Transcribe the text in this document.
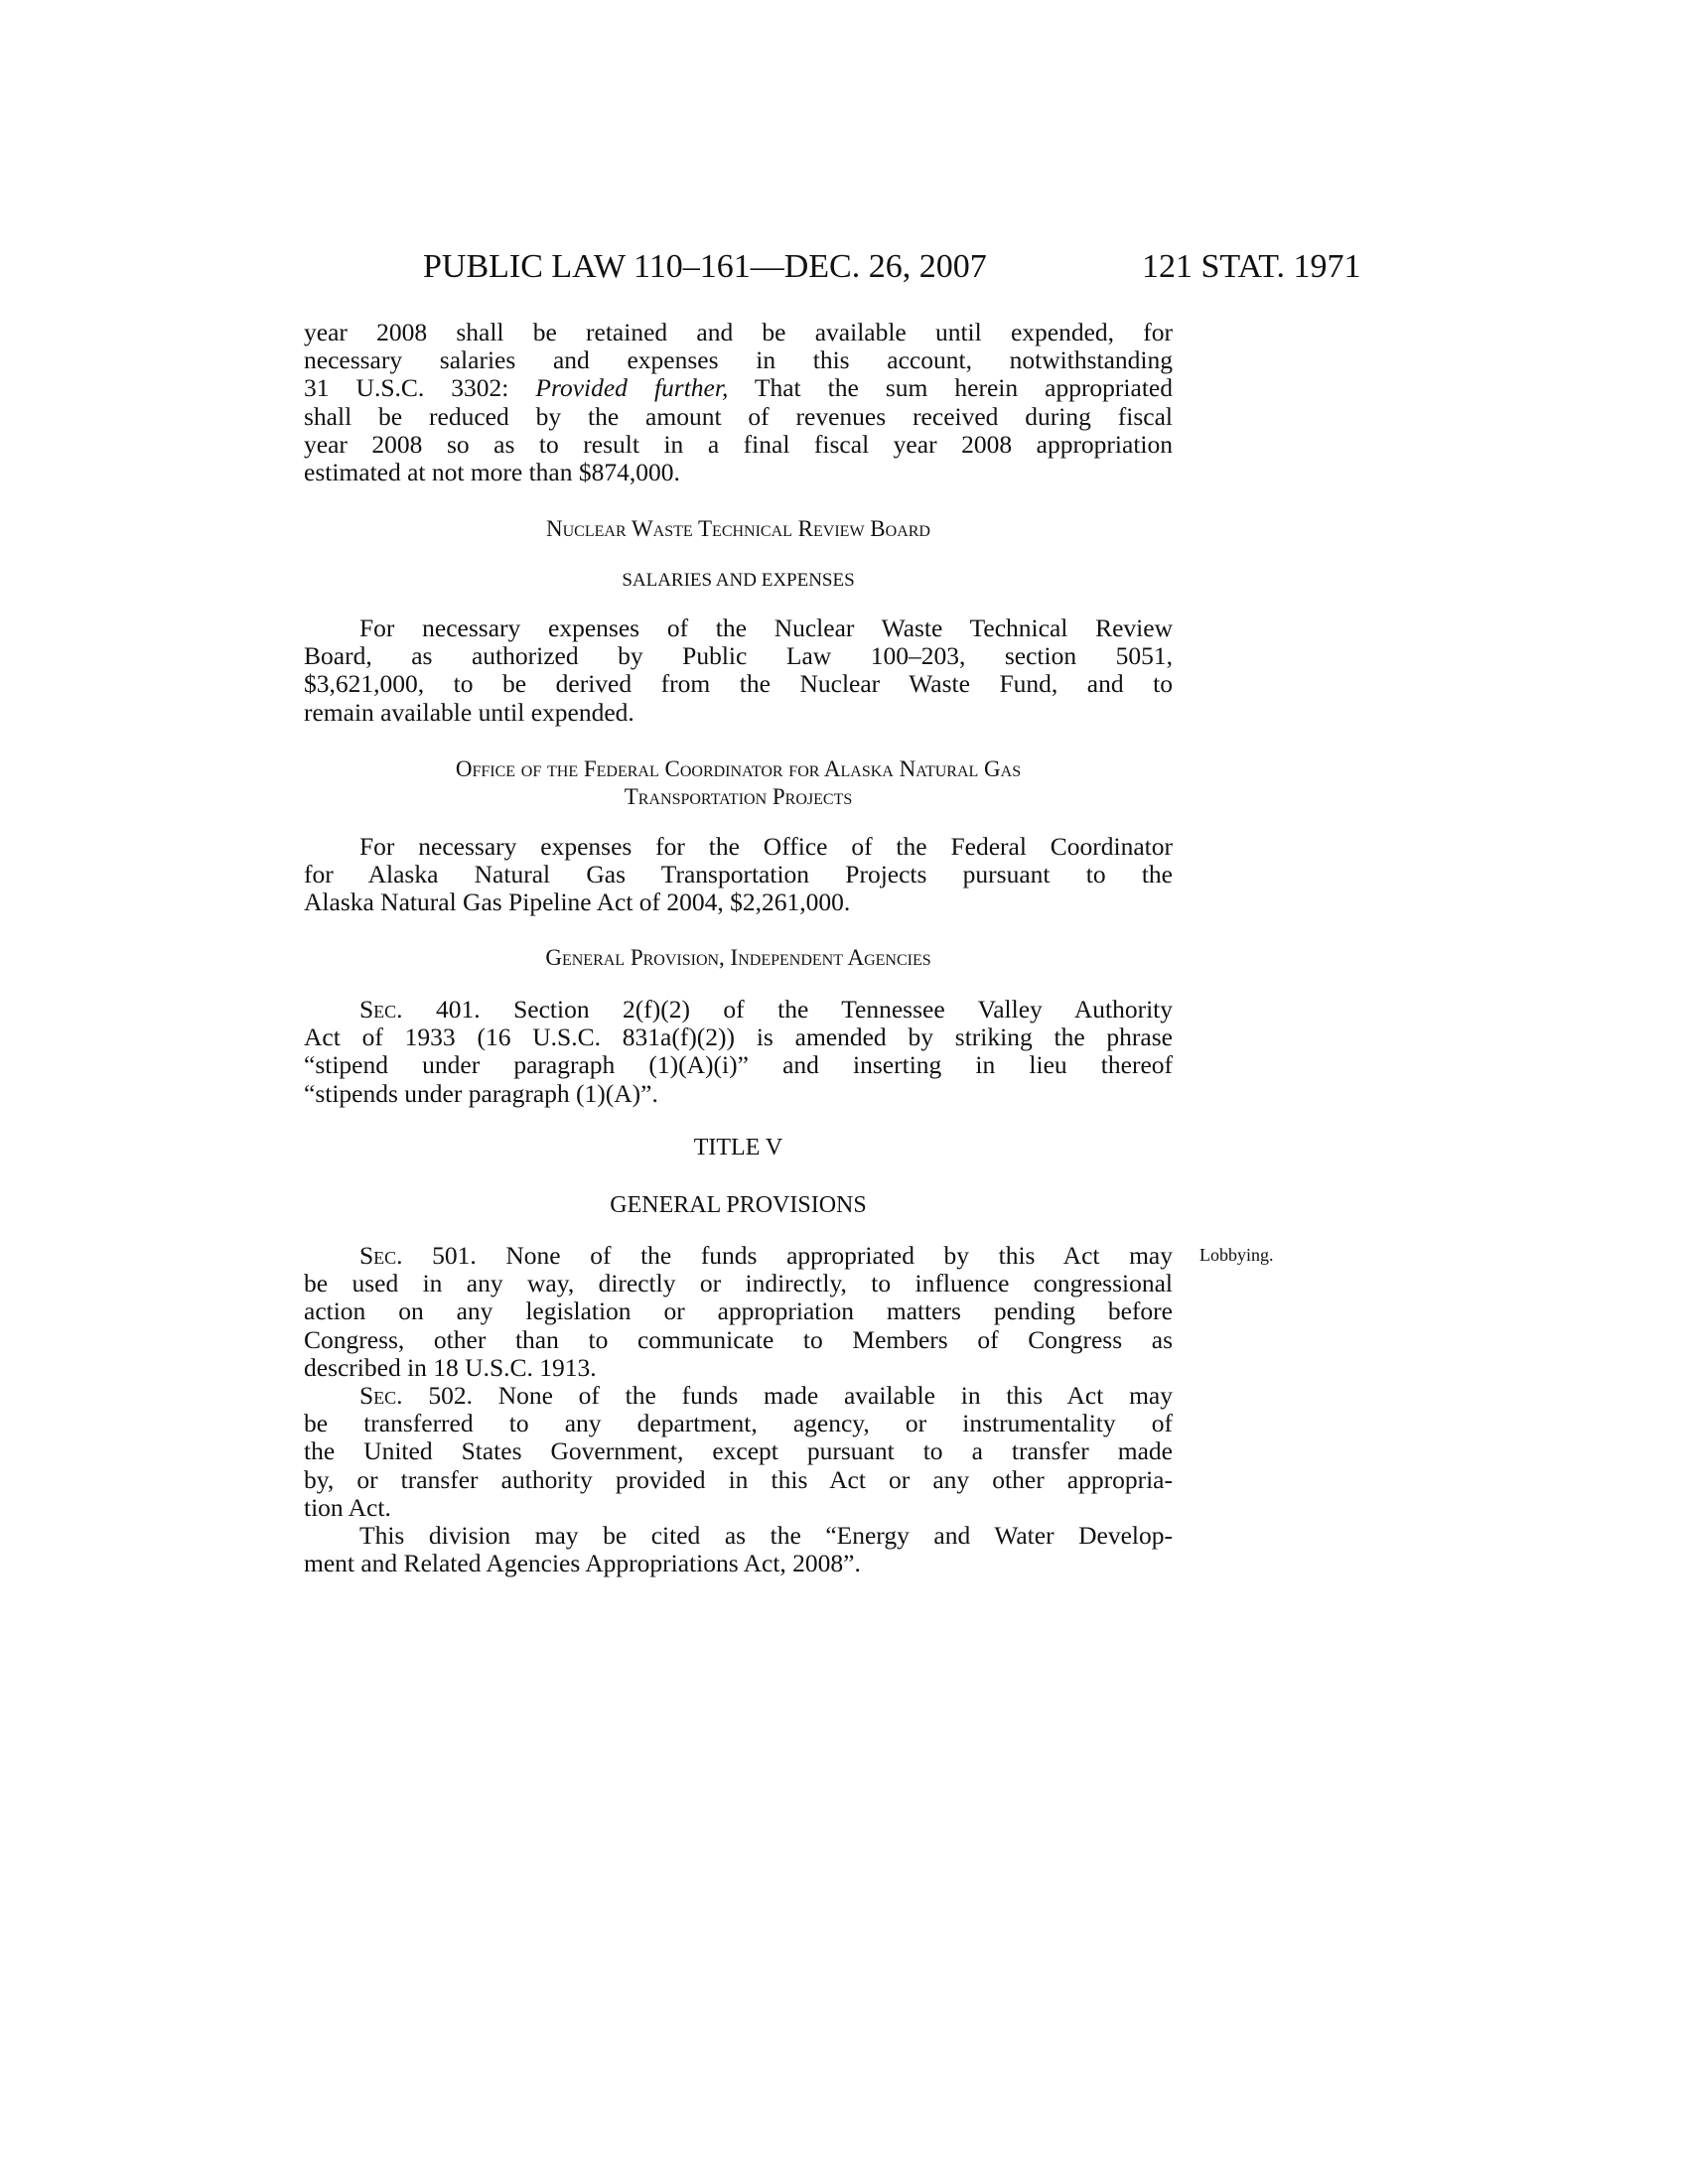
PUBLIC LAW 110–161—DEC. 26, 2007	121 STAT. 1971
year 2008 shall be retained and be available until expended, for
necessary salaries and expenses in this account, notwithstanding
31 U.S.C. 3302: Provided further, That the sum herein appropriated
shall be reduced by the amount of revenues received during fiscal
year 2008 so as to result in a final fiscal year 2008 appropriation
estimated at not more than $874,000.
Nuclear Waste Technical Review Board
SALARIES AND EXPENSES
For necessary expenses of the Nuclear Waste Technical Review
Board, as authorized by Public Law 100–203, section 5051,
$3,621,000, to be derived from the Nuclear Waste Fund, and to
remain available until expended.
Office of the Federal Coordinator for Alaska Natural Gas
Transportation Projects
For necessary expenses for the Office of the Federal Coordinator
for Alaska Natural Gas Transportation Projects pursuant to the
Alaska Natural Gas Pipeline Act of 2004, $2,261,000.
General Provision, Independent Agencies
Sec. 401. Section 2(f)(2) of the Tennessee Valley Authority
Act of 1933 (16 U.S.C. 831a(f)(2)) is amended by striking the phrase
“stipend under paragraph (1)(A)(i)” and inserting in lieu thereof
“stipends under paragraph (1)(A)”.
TITLE V
GENERAL PROVISIONS
Sec. 501. None of the funds appropriated by this Act may
be used in any way, directly or indirectly, to influence congressional
action on any legislation or appropriation matters pending before
Congress, other than to communicate to Members of Congress as
described in 18 U.S.C. 1913.
Sec. 502. None of the funds made available in this Act may
be transferred to any department, agency, or instrumentality of
the United States Government, except pursuant to a transfer made
by, or transfer authority provided in this Act or any other appropria-
tion Act.
This division may be cited as the “Energy and Water Develop-
ment and Related Agencies Appropriations Act, 2008”.
Lobbying.
